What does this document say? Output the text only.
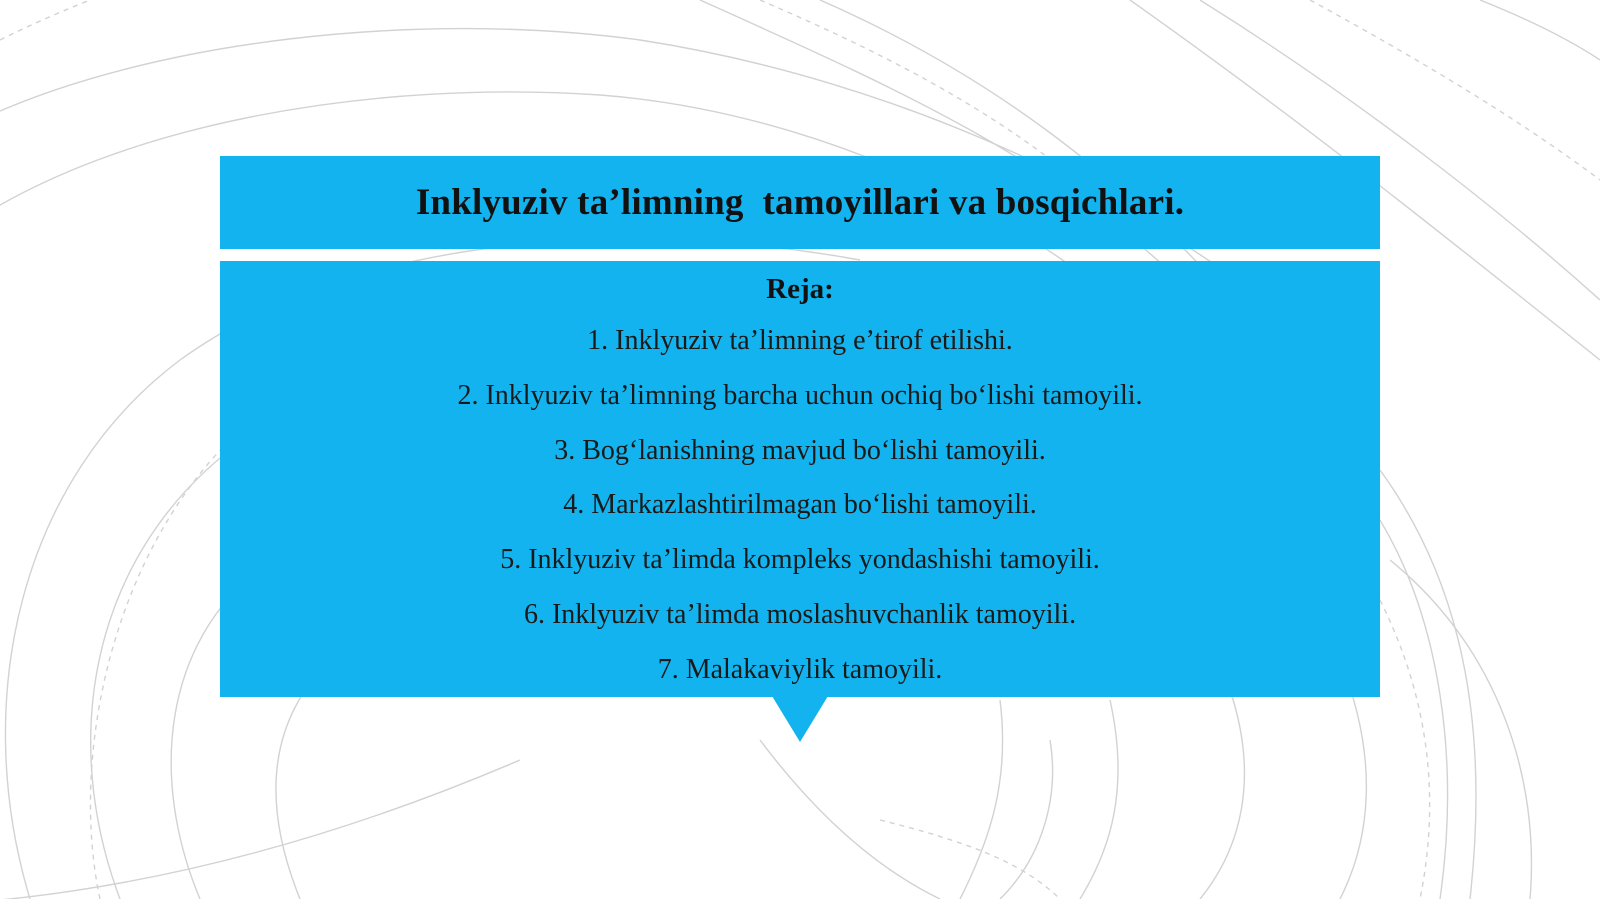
Inklyuziv ta’limning  tamoyillari va bosqichlari.
Reja:
1. Inklyuziv ta’limning e’tirof etilishi.
2. Inklyuziv ta’limning barcha uchun ochiq bo‘lishi tamoyili.
3. Bog‘lanishning mavjud bo‘lishi tamoyili.
4. Markazlashtirilmagan bo‘lishi tamoyili.
5. Inklyuziv ta’limda kompleks yondashishi tamoyili.
6. Inklyuziv ta’limda moslashuvchanlik tamoyili.
7. Malakaviylik tamoyili.
